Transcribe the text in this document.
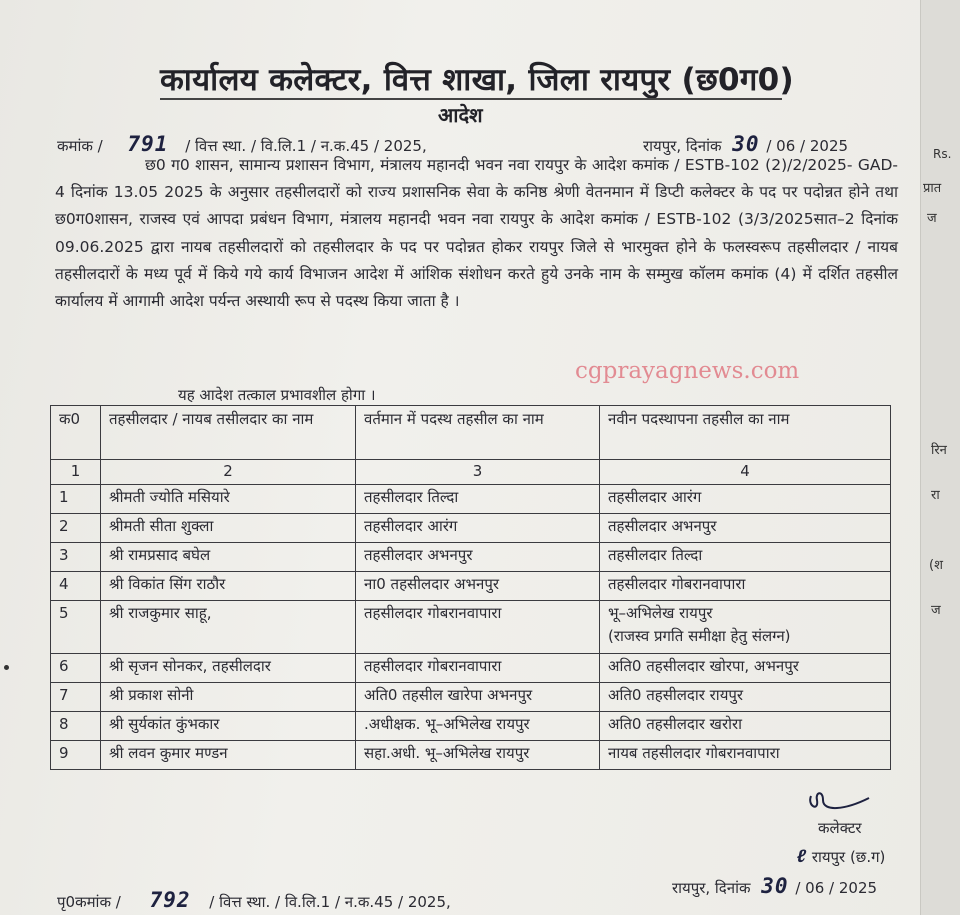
Rs.
प्रात
ज
रिन
रा
(श
ज
कार्यालय कलेक्टर, वित्त शाखा, जिला रायपुर (छ0ग0)
आदेश
कमांक / 791 / वित्त स्था. / वि.लि.1 / न.क.45 / 2025,	रायपुर, दिनांक 30 / 06 / 2025
छ0 ग0 शासन, सामान्य प्रशासन विभाग, मंत्रालय महानदी भवन नवा रायपुर के आदेश कमांक / ESTB-102 (2)/2/2025- GAD-4 दिनांक 13.05 2025 के अनुसार तहसीलदारों को राज्य प्रशासनिक सेवा के कनिष्ठ श्रेणी वेतनमान में डिप्टी कलेक्टर के पद पर पदोन्नत होने तथा छ0ग0शासन, राजस्व एवं आपदा प्रबंधन विभाग, मंत्रालय महानदी भवन नवा रायपुर के आदेश कमांक / ESTB-102 (3/3/2025सात–2 दिनांक 09.06.2025 द्वारा नायब तहसीलदारों को तहसीलदार के पद पर पदोन्नत होकर रायपुर जिले से भारमुक्त होने के फलस्वरूप तहसीलदार / नायब तहसीलदारों के मध्य पूर्व में किये गये कार्य विभाजन आदेश में आंशिक संशोधन करते हुये उनके नाम के सम्मुख कॉलम कमांक (4) में दर्शित तहसील कार्यालय में आगामी आदेश पर्यन्त अस्थायी रूप से पदस्थ किया जाता है ।
यह आदेश तत्काल प्रभावशील होगा ।
cgprayagnews.com
क0	तहसीलदार / नायब तसीलदार का नाम	वर्तमान में पदस्थ तहसील का नाम	नवीन पदस्थापना तहसील का नाम
1	2	3	4
1	श्रीमती ज्योति मसियारे	तहसीलदार तिल्दा	तहसीलदार आरंग
2	श्रीमती सीता शुक्ला	तहसीलदार आरंग	तहसीलदार अभनपुर
3	श्री रामप्रसाद बघेल	तहसीलदार अभनपुर	तहसीलदार तिल्दा
4	श्री विकांत सिंग राठौर	ना0 तहसीलदार अभनपुर	तहसीलदार गोबरानवापारा
5	श्री राजकुमार साहू,	तहसीलदार गोबरानवापारा	भू–अभिलेख रायपुर
(राजस्व प्रगति समीक्षा हेतु संलग्न)

6	श्री सृजन सोनकर, तहसीलदार	तहसीलदार गोबरानवापारा	अति0 तहसीलदार खोरपा, अभनपुर
7	श्री प्रकाश सोनी	अति0 तहसील खारेपा अभनपुर	अति0 तहसीलदार रायपुर
8	श्री सुर्यकांत कुंभकार	.अधीक्षक. भू–अभिलेख रायपुर	अति0 तहसीलदार खरोरा
9	श्री लवन कुमार मण्डन	सहा.अधी. भू–अभिलेख रायपुर	नायब तहसीलदार गोबरानवापारा
कलेक्टर
ℓ रायपुर (छ.ग)
पृ0कमांक / 792 / वित्त स्था. / वि.लि.1 / न.क.45 / 2025,
रायपुर, दिनांक 30 / 06 / 2025
